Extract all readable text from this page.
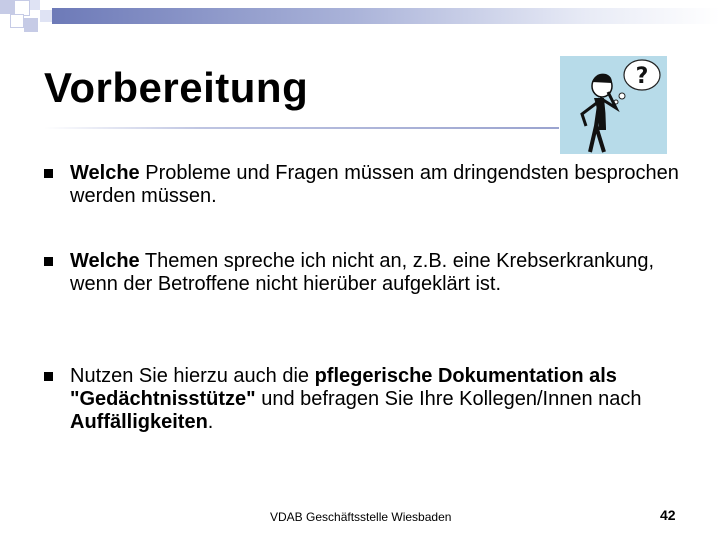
Vorbereitung	?
Welche Probleme und Fragen müssen am dringendsten besprochen werden müssen.
Welche Themen spreche ich nicht an, z.B. eine Krebserkrankung, wenn der Betroffene nicht hierüber aufgeklärt ist.
Nutzen Sie hierzu auch die pflegerische Dokumentation als "Gedächtnisstütze" und befragen Sie Ihre Kollegen/Innen nach Auffälligkeiten.
VDAB Geschäftsstelle Wiesbaden	42
